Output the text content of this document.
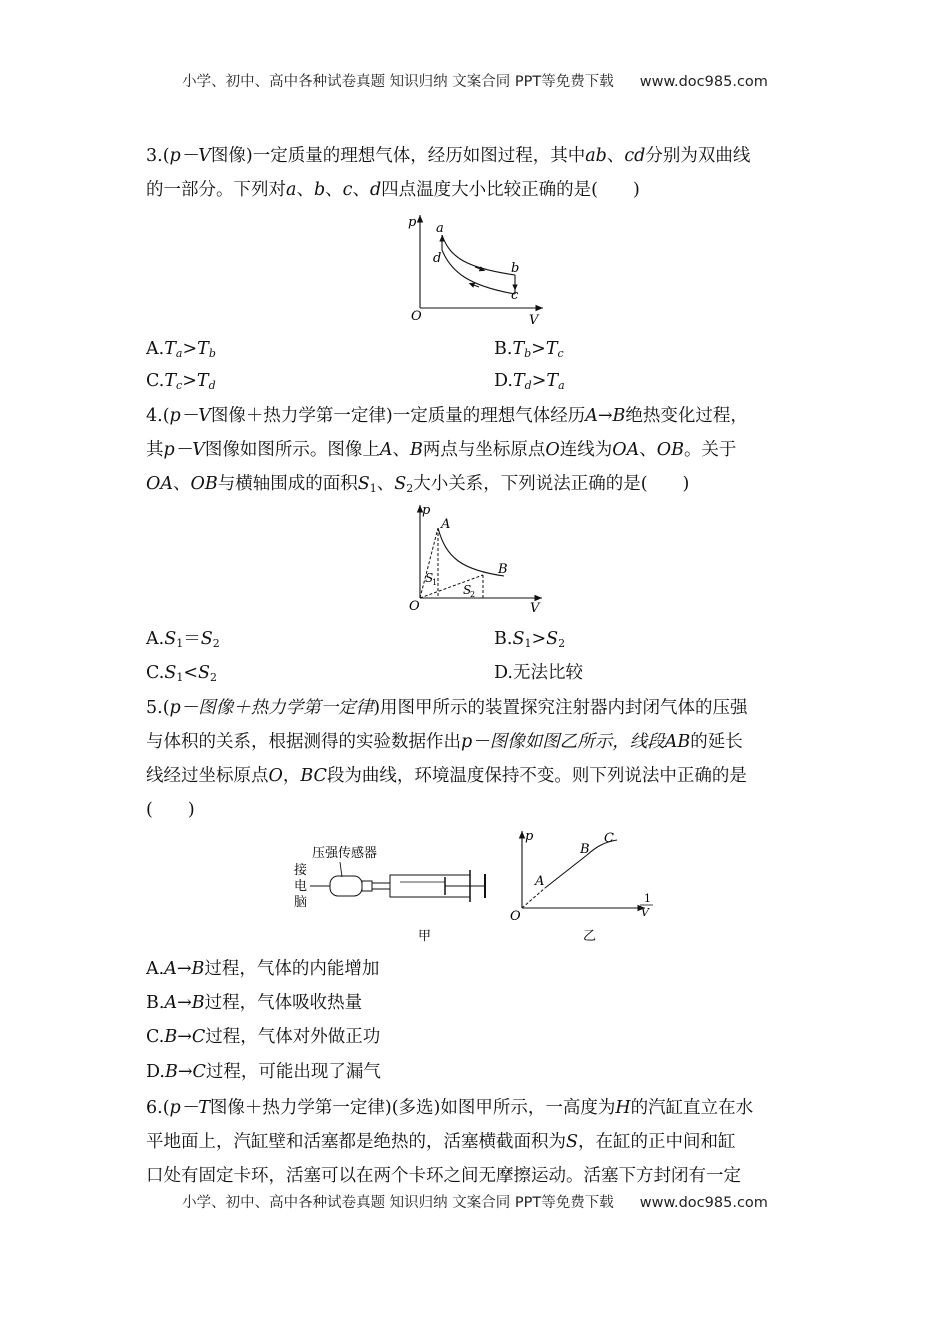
小学、初中、高中各种试卷真题 知识归纳 文案合同 PPT等免费下载 www.doc985.com
3.(p－V图像)一定质量的理想气体，经历如图过程，其中ab、cd分别为双曲线
的一部分。下列对a、b、c、d四点温度大小比较正确的是(　　)
p a
d
b
c
O	V
$A.T_a>T_b$	$B.T_b>T_c$
$C.T_c>T_d$	$D.T_d>T_a$
4.(p－V图像＋热力学第一定律)一定质量的理想气体经历A→B绝热变化过程，
其p－V图像如图所示。图像上A、B两点与坐标原点O连线为OA、OB。关于
OA、OB与横轴围成的面积$S_1$、$S_2$大小关系，下列说法正确的是(　　)
p
A
B
S
1
S
2
O	V
$A.S_1=S_2$	$B.S_1>S_2$
$C.S_1<S_2$	D.无法比较
5.(p－图像＋热力学第一定律)用图甲所示的装置探究注射器内封闭气体的压强
与体积的关系，根据测得的实验数据作出p－图像如图乙所示，线段AB的延长
线经过坐标原点O，BC段为曲线，环境温度保持不变。则下列说法中正确的是
(　　)
压强传感器
接
电
脑
甲
p
A
B
C
O
1
V
乙
A.A→B过程，气体的内能增加
B.A→B过程，气体吸收热量
C.B→C过程，气体对外做正功
D.B→C过程，可能出现了漏气
6.(p－T图像＋热力学第一定律)(多选)如图甲所示，一高度为H的汽缸直立在水
平地面上，汽缸壁和活塞都是绝热的，活塞横截面积为S，在缸的正中间和缸
口处有固定卡环，活塞可以在两个卡环之间无摩擦运动。活塞下方封闭有一定
小学、初中、高中各种试卷真题 知识归纳 文案合同 PPT等免费下载 www.doc985.com
